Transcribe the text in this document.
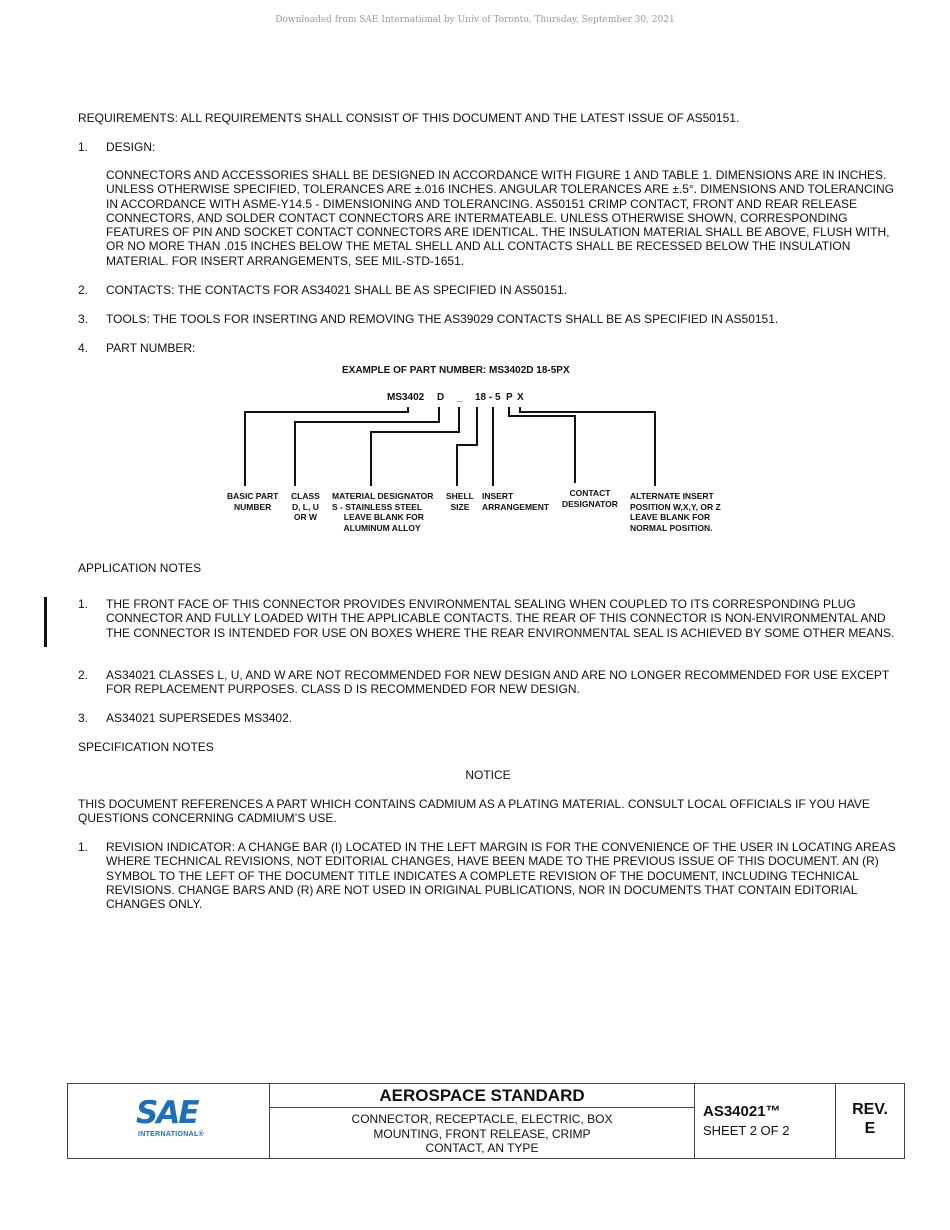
Downloaded from SAE International by Univ of Toronto, Thursday, September 30, 2021
REQUIREMENTS: ALL REQUIREMENTS SHALL CONSIST OF THIS DOCUMENT AND THE LATEST ISSUE OF AS50151.
1. DESIGN:
CONNECTORS AND ACCESSORIES SHALL BE DESIGNED IN ACCORDANCE WITH FIGURE 1 AND TABLE 1. DIMENSIONS ARE IN INCHES. UNLESS OTHERWISE SPECIFIED, TOLERANCES ARE ±.016 INCHES. ANGULAR TOLERANCES ARE ±.5°. DIMENSIONS AND TOLERANCING IN ACCORDANCE WITH ASME-Y14.5 - DIMENSIONING AND TOLERANCING. AS50151 CRIMP CONTACT, FRONT AND REAR RELEASE CONNECTORS, AND SOLDER CONTACT CONNECTORS ARE INTERMATEABLE. UNLESS OTHERWISE SHOWN, CORRESPONDING FEATURES OF PIN AND SOCKET CONTACT CONNECTORS ARE IDENTICAL. THE INSULATION MATERIAL SHALL BE ABOVE, FLUSH WITH, OR NO MORE THAN .015 INCHES BELOW THE METAL SHELL AND ALL CONTACTS SHALL BE RECESSED BELOW THE INSULATION MATERIAL. FOR INSERT ARRANGEMENTS, SEE MIL-STD-1651.
2. CONTACTS: THE CONTACTS FOR AS34021 SHALL BE AS SPECIFIED IN AS50151.
3. TOOLS: THE TOOLS FOR INSERTING AND REMOVING THE AS39029 CONTACTS SHALL BE AS SPECIFIED IN AS50151.
4. PART NUMBER:
EXAMPLE OF PART NUMBER: MS3402D 18-5PX
MS3402 D _ 18 - 5 P X
BASIC PART
NUMBER
CLASS
D, L, U
OR W
MATERIAL DESIGNATOR
S - STAINLESS STEEL
LEAVE BLANK FOR
ALUMINUM ALLOY
SHELL
SIZE
INSERT
ARRANGEMENT
CONTACT
DESIGNATOR
ALTERNATE INSERT
POSITION W,X,Y, OR Z
LEAVE BLANK FOR
NORMAL POSITION.
APPLICATION NOTES
1. THE FRONT FACE OF THIS CONNECTOR PROVIDES ENVIRONMENTAL SEALING WHEN COUPLED TO ITS CORRESPONDING PLUG CONNECTOR AND FULLY LOADED WITH THE APPLICABLE CONTACTS. THE REAR OF THIS CONNECTOR IS NON-ENVIRONMENTAL AND THE CONNECTOR IS INTENDED FOR USE ON BOXES WHERE THE REAR ENVIRONMENTAL SEAL IS ACHIEVED BY SOME OTHER MEANS.
2. AS34021 CLASSES L, U, AND W ARE NOT RECOMMENDED FOR NEW DESIGN AND ARE NO LONGER RECOMMENDED FOR USE EXCEPT FOR REPLACEMENT PURPOSES. CLASS D IS RECOMMENDED FOR NEW DESIGN.
3. AS34021 SUPERSEDES MS3402.
SPECIFICATION NOTES
NOTICE
THIS DOCUMENT REFERENCES A PART WHICH CONTAINS CADMIUM AS A PLATING MATERIAL. CONSULT LOCAL OFFICIALS IF YOU HAVE QUESTIONS CONCERNING CADMIUM’S USE.
1. REVISION INDICATOR: A CHANGE BAR (I) LOCATED IN THE LEFT MARGIN IS FOR THE CONVENIENCE OF THE USER IN LOCATING AREAS WHERE TECHNICAL REVISIONS, NOT EDITORIAL CHANGES, HAVE BEEN MADE TO THE PREVIOUS ISSUE OF THIS DOCUMENT. AN (R) SYMBOL TO THE LEFT OF THE DOCUMENT TITLE INDICATES A COMPLETE REVISION OF THE DOCUMENT, INCLUDING TECHNICAL REVISIONS. CHANGE BARS AND (R) ARE NOT USED IN ORIGINAL PUBLICATIONS, NOR IN DOCUMENTS THAT CONTAIN EDITORIAL CHANGES ONLY.
SAE
INTERNATIONAL®
AEROSPACE STANDARD
CONNECTOR, RECEPTACLE, ELECTRIC, BOX
MOUNTING, FRONT RELEASE, CRIMP
CONTACT, AN TYPE
AS34021™
SHEET 2 OF 2
REV.
E
